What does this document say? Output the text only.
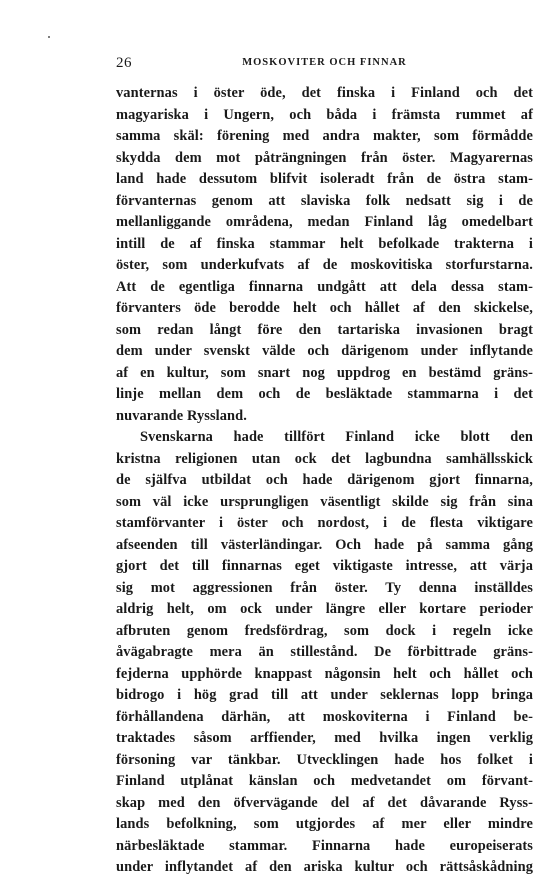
26	MOSKOVITER OCH FINNAR
vanternas i öster öde, det finska i Finland och det
magyariska i Ungern, och båda i främsta rummet af
samma skäl: förening med andra makter, som förmådde
skydda dem mot påträngningen från öster. Magyarernas
land hade dessutom blifvit isoleradt från de östra stam-
förvanternas genom att slaviska folk nedsatt sig i de
mellanliggande områdena, medan Finland låg omedelbart
intill de af finska stammar helt befolkade trakterna i
öster, som underkufvats af de moskovitiska storfurstarna.
Att de egentliga finnarna undgått att dela dessa stam-
förvanters öde berodde helt och hållet af den skickelse,
som redan långt före den tartariska invasionen bragt
dem under svenskt välde och därigenom under inflytande
af en kultur, som snart nog uppdrog en bestämd gräns-
linje mellan dem och de besläktade stammarna i det
nuvarande Ryssland.
Svenskarna hade tillfört Finland icke blott den
kristna religionen utan ock det lagbundna samhällsskick
de själfva utbildat och hade därigenom gjort finnarna,
som väl icke ursprungligen väsentligt skilde sig från sina
stamförvanter i öster och nordost, i de flesta viktigare
afseenden till västerländingar. Och hade på samma gång
gjort det till finnarnas eget viktigaste intresse, att värja
sig mot aggressionen från öster. Ty denna inställdes
aldrig helt, om ock under längre eller kortare perioder
afbruten genom fredsfördrag, som dock i regeln icke
åvägabragte mera än stillestånd. De förbittrade gräns-
fejderna upphörde knappast någonsin helt och hållet och
bidrogo i hög grad till att under seklernas lopp bringa
förhållandena därhän, att moskoviterna i Finland be-
traktades såsom arffiender, med hvilka ingen verklig
försoning var tänkbar. Utvecklingen hade hos folket i
Finland utplånat känslan och medvetandet om förvant-
skap med den öfvervägande del af det dåvarande Ryss-
lands befolkning, som utgjordes af mer eller mindre
närbesläktade stammar. Finnarna hade europeiserats
under inflytandet af den ariska kultur och rättsåskådning
